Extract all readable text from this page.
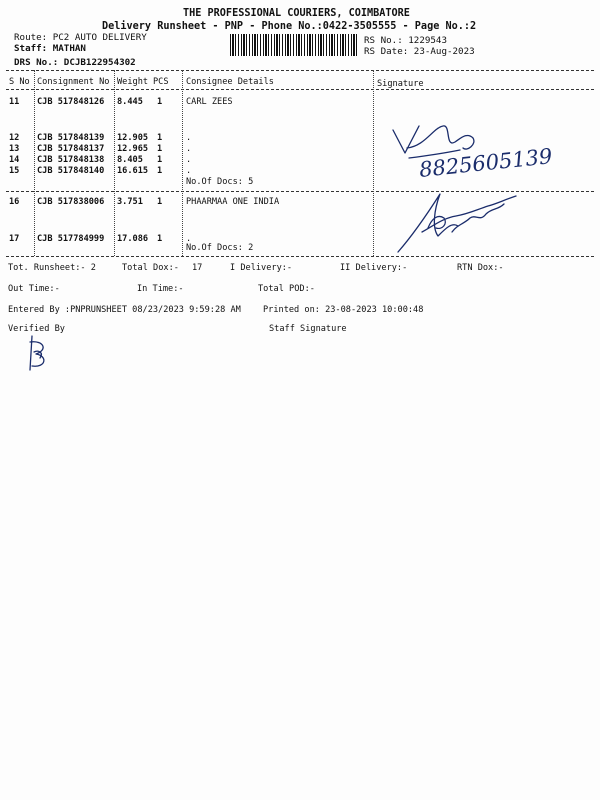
THE PROFESSIONAL COURIERS, COIMBATORE
Delivery Runsheet - PNP - Phone No.:0422-3505555 - Page No.:2
Route: PC2 AUTO DELIVERY
Staff: MATHAN
DRS No.: DCJB122954302
RS No.: 1229543
RS Date: 23-Aug-2023
S No Consignment No Weight PCS Consignee Details	Signature
11 CJB 517848126 8.445 1	CARL ZEES
12 CJB 517848139 12.905 1	.
13 CJB 517848137 12.965 1	.
14 CJB 517848138 8.405 1	.
15 CJB 517848140 16.615 1	.
No.Of Docs: 5
16 CJB 517838006 3.751 1	PHAARMAA ONE INDIA
17 CJB 517784999 17.086 1	.
No.Of Docs: 2
8825605139
Tot. Runsheet:- 2	Total Dox:- 17	I Delivery:-	II Delivery:-	RTN Dox:-
Out Time:-	In Time:-	Total POD:-
Entered By :PNPRUNSHEET 08/23/2023 9:59:28 AM	Printed on: 23-08-2023 10:00:48
Verified By	Staff Signature
